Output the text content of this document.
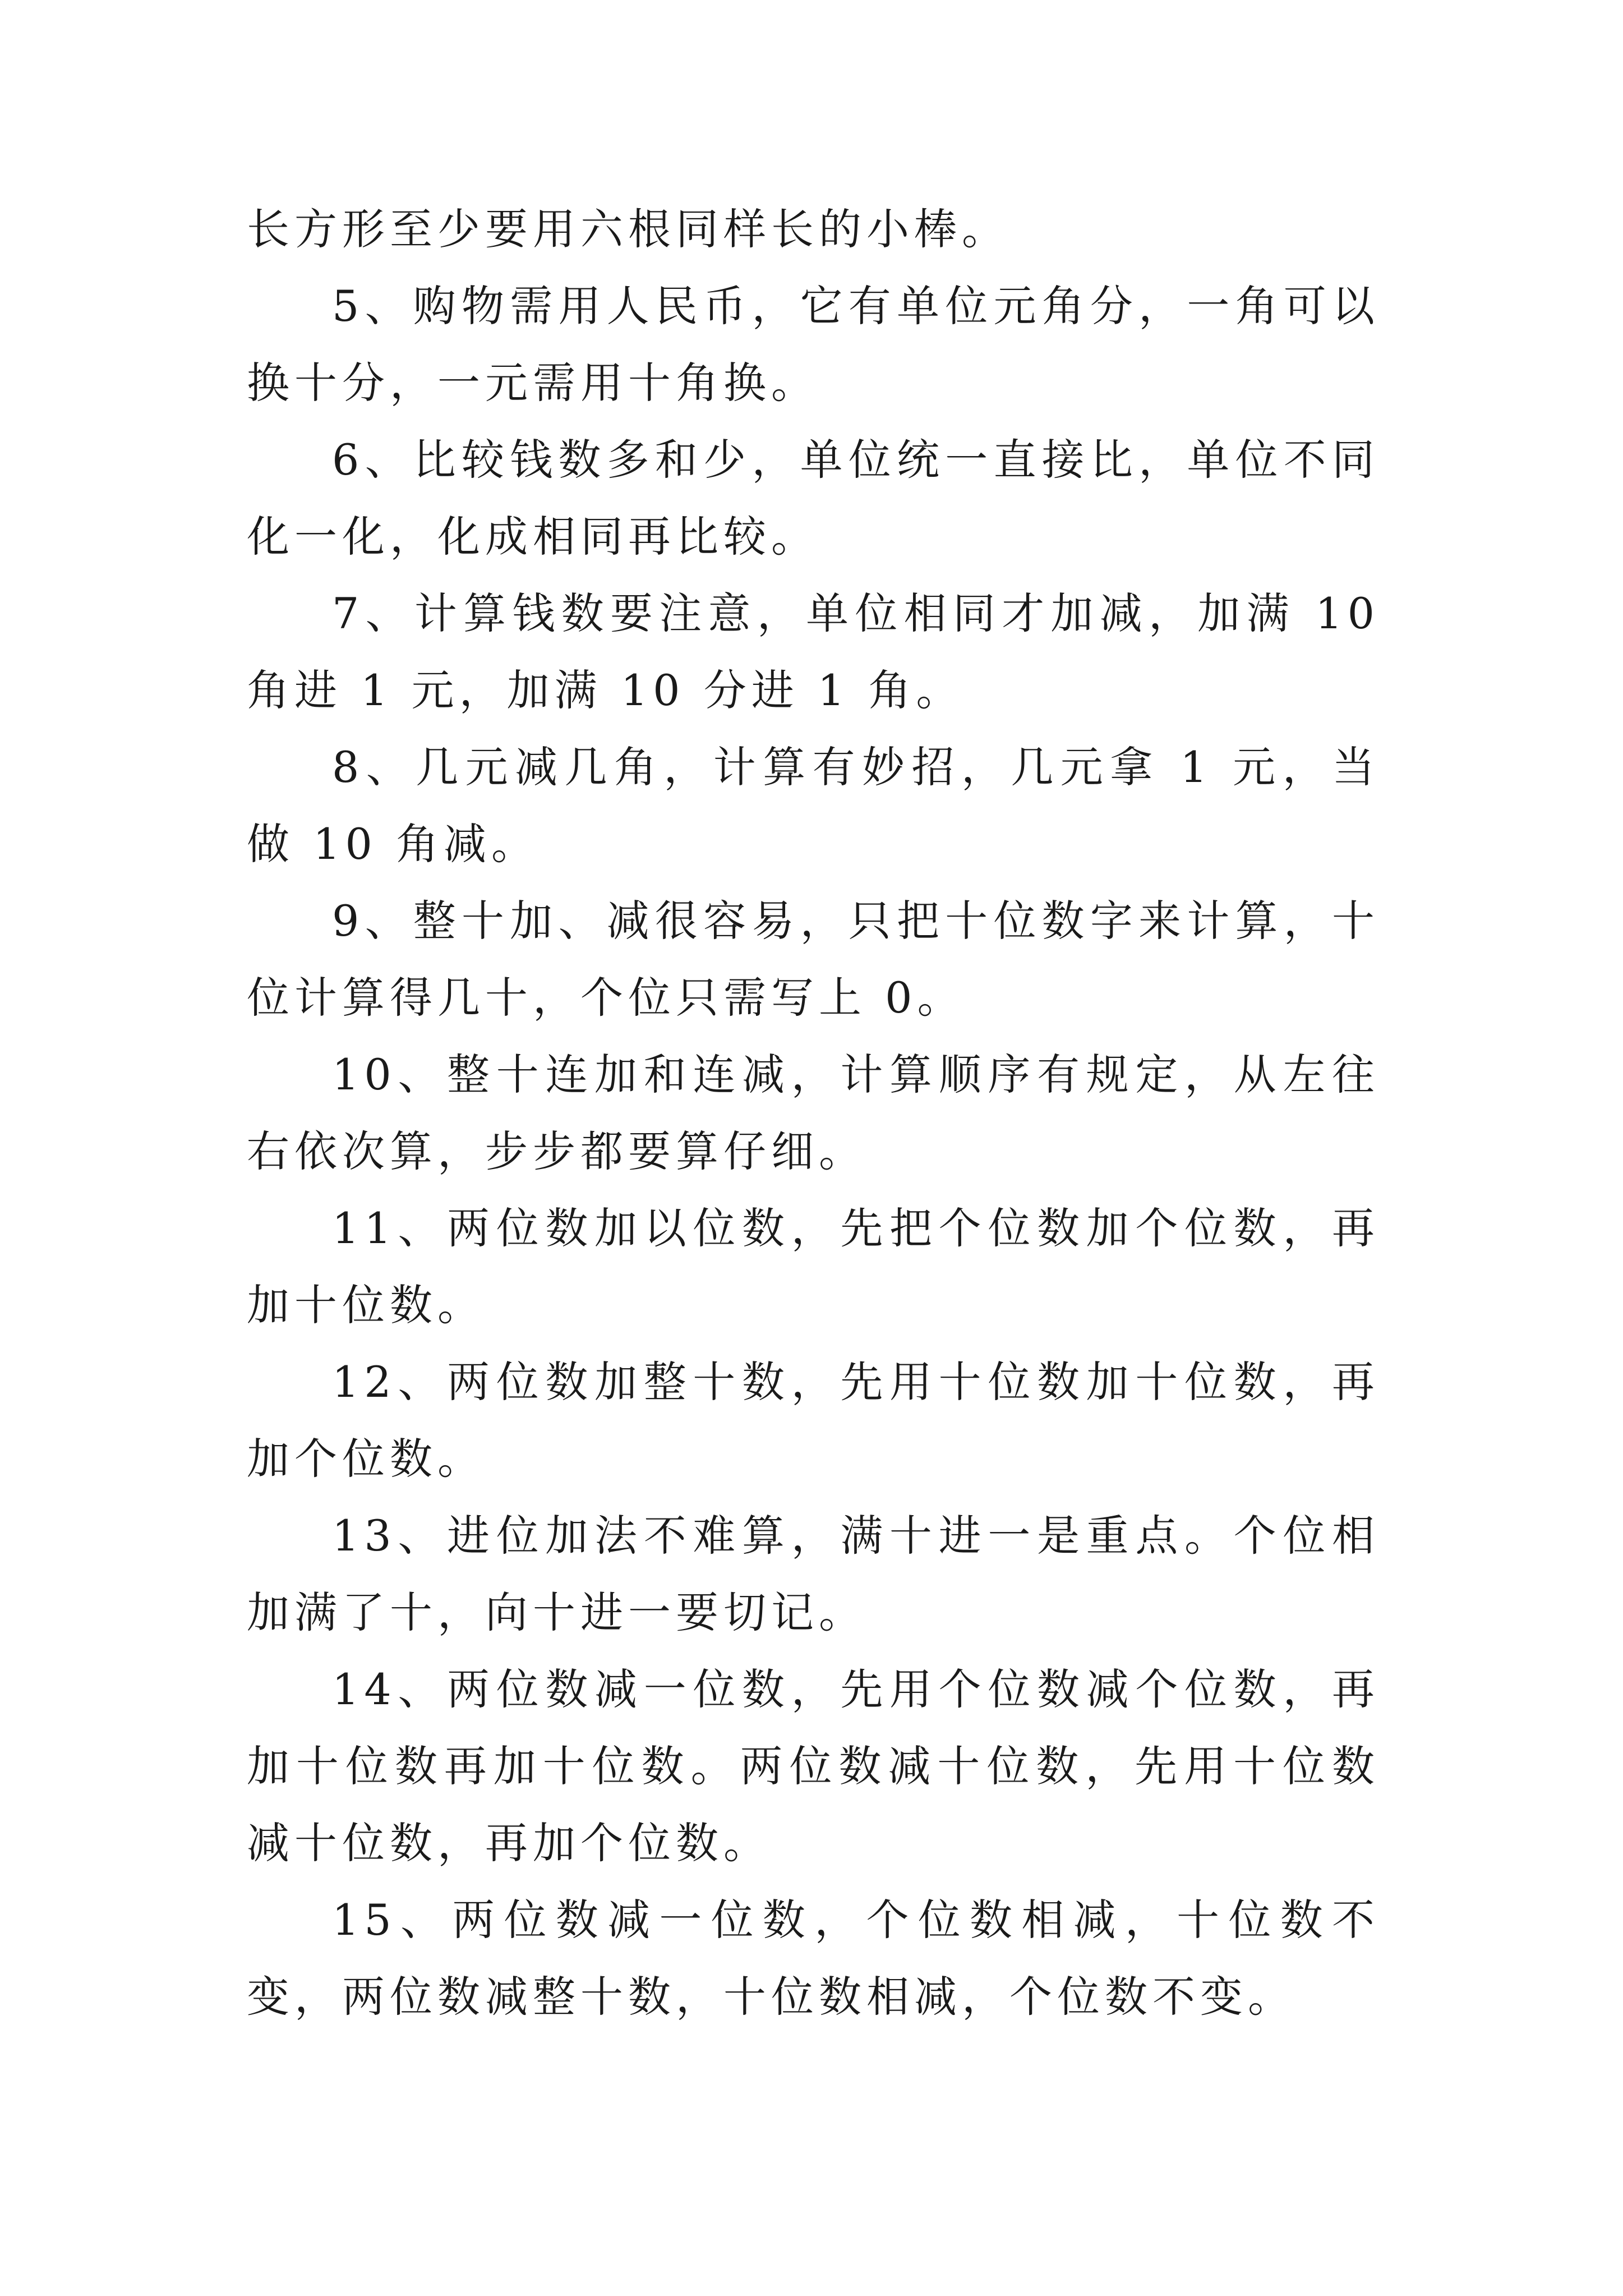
长方形至少要用六根同样长的小棒。

5、购物需用人民币，它有单位元角分，一角可以换十分，一元需用十角换。

6、比较钱数多和少，单位统一直接比，单位不同化一化，化成相同再比较。

7、计算钱数要注意，单位相同才加减，加满 10 角进 1 元，加满 10 分进 1 角。

8、几元减几角，计算有妙招，几元拿 1 元，当做 10 角减。

9、整十加、减很容易，只把十位数字来计算，十位计算得几十，个位只需写上 0。

10、整十连加和连减，计算顺序有规定，从左往右依次算，步步都要算仔细。

11、两位数加以位数，先把个位数加个位数，再加十位数。

12、两位数加整十数，先用十位数加十位数，再加个位数。

13、进位加法不难算，满十进一是重点。个位相加满了十，向十进一要切记。

14、两位数减一位数，先用个位数减个位数，再加十位数再加十位数。两位数减十位数，先用十位数减十位数，再加个位数。

15、两位数减一位数，个位数相减，十位数不变，两位数减整十数，十位数相减，个位数不变。
